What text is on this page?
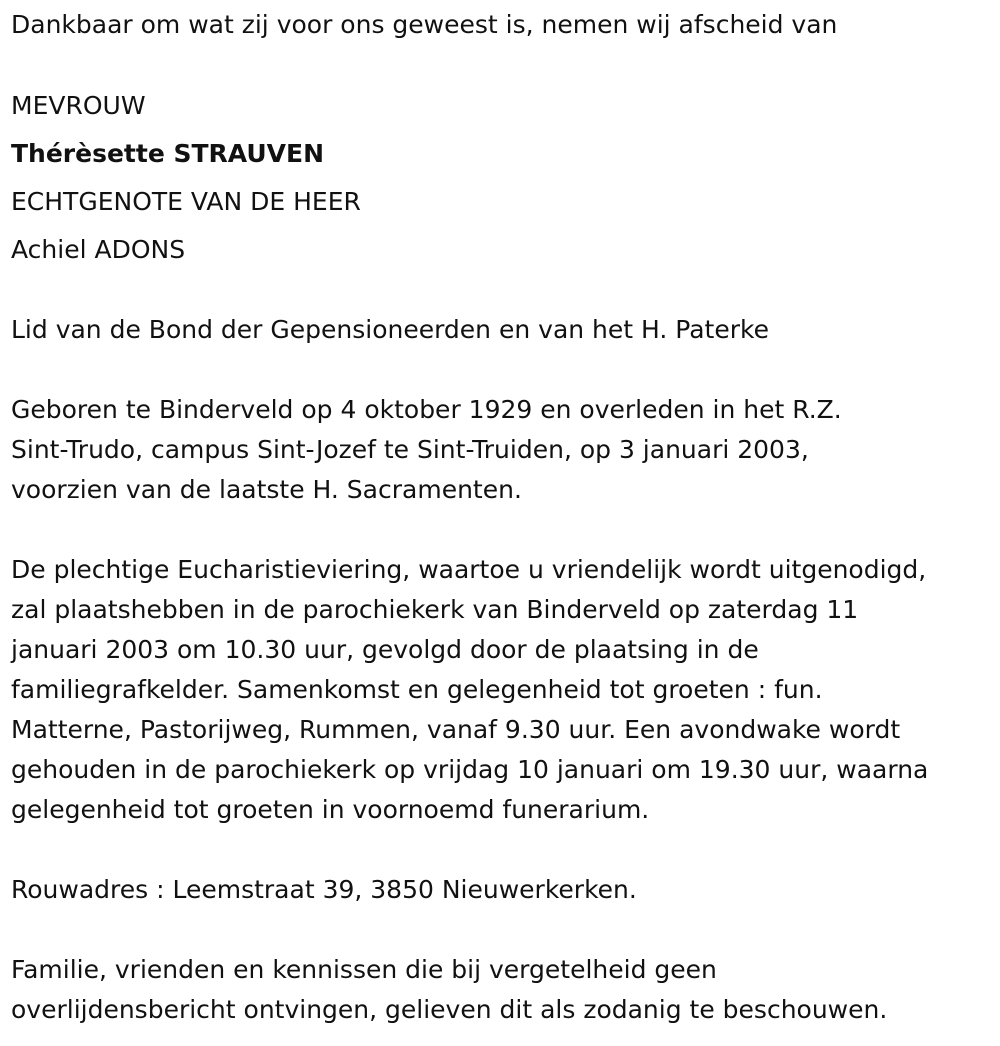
Dankbaar om wat zij voor ons geweest is, nemen wij afscheid van
MEVROUW
Thérèsette STRAUVEN
ECHTGENOTE VAN DE HEER
Achiel ADONS
Lid van de Bond der Gepensioneerden en van het H. Paterke
Geboren te Binderveld op 4 oktober 1929 en overleden in het R.Z.
Sint-Trudo, campus Sint-Jozef te Sint-Truiden, op 3 januari 2003,
voorzien van de laatste H. Sacramenten.
De plechtige Eucharistieviering, waartoe u vriendelijk wordt uitgenodigd,
zal plaatshebben in de parochiekerk van Binderveld op zaterdag 11
januari 2003 om 10.30 uur, gevolgd door de plaatsing in de
familiegrafkelder. Samenkomst en gelegenheid tot groeten : fun.
Matterne, Pastorijweg, Rummen, vanaf 9.30 uur. Een avondwake wordt
gehouden in de parochiekerk op vrijdag 10 januari om 19.30 uur, waarna
gelegenheid tot groeten in voornoemd funerarium.
Rouwadres : Leemstraat 39, 3850 Nieuwerkerken.
Familie, vrienden en kennissen die bij vergetelheid geen
overlijdensbericht ontvingen, gelieven dit als zodanig te beschouwen.
